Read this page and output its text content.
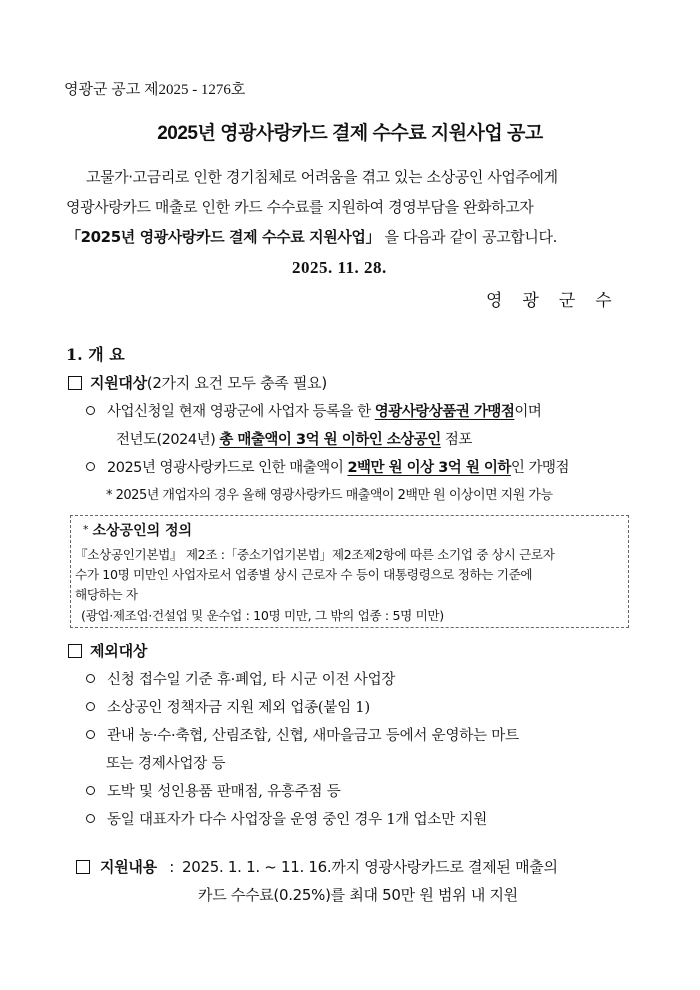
영광군 공고 제2025 - 1276호
2025년 영광사랑카드 결제 수수료 지원사업 공고
고물가·고금리로 인한 경기침체로 어려움을 겪고 있는 소상공인 사업주에게
영광사랑카드 매출로 인한 카드 수수료를 지원하여 경영부담을 완화하고자
「2025년 영광사랑카드 결제 수수료 지원사업」 을 다음과 같이 공고합니다.
2025. 11. 28.
영광군수
1. 개 요
지원대상(2가지 요건 모두 충족 필요)
사업신청일 현재 영광군에 사업자 등록을 한 영광사랑상품권 가맹점이며
전년도(2024년) 총 매출액이 3억 원 이하인 소상공인 점포
2025년 영광사랑카드로 인한 매출액이 2백만 원 이상 3억 원 이하인 가맹점
* 2025년 개업자의 경우 올해 영광사랑카드 매출액이 2백만 원 이상이면 지원 가능
* 소상공인의 정의
『소상공인기본법』 제2조 :「중소기업기본법」제2조제2항에 따른 소기업 중 상시 근로자
수가 10명 미만인 사업자로서 업종별 상시 근로자 수 등이 대통령령으로 정하는 기준에
해당하는 자
(광업·제조업·건설업 및 운수업 : 10명 미만, 그 밖의 업종 : 5명 미만)
제외대상
신청 접수일 기준 휴·폐업, 타 시군 이전 사업장
소상공인 정책자금 지원 제외 업종(붙임 1)
관내 농·수·축협, 산림조합, 신협, 새마을금고 등에서 운영하는 마트
또는 경제사업장 등
도박 및 성인용품 판매점, 유흥주점 등
동일 대표자가 다수 사업장을 운영 중인 경우 1개 업소만 지원
지원내용 : 2025. 1. 1. ~ 11. 16.까지 영광사랑카드로 결제된 매출의
카드 수수료(0.25%)를 최대 50만 원 범위 내 지원
